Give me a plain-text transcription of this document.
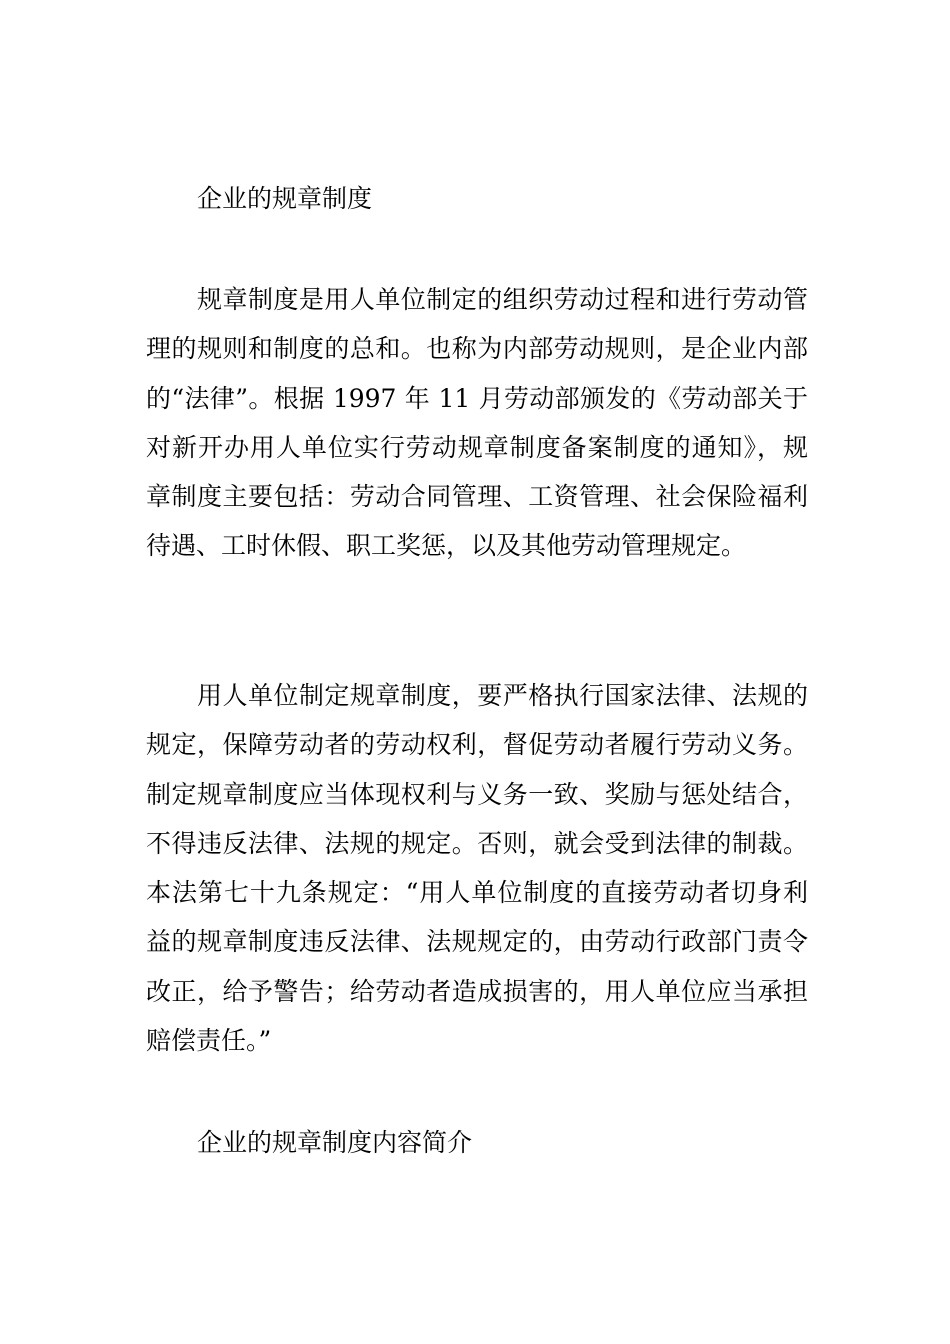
企业的规章制度

规章制度是用人单位制定的组织劳动过程和进行劳动管理的规则和制度的总和。也称为内部劳动规则，是企业内部的“法律”。根据 1997 年 11 月劳动部颁发的《劳动部关于对新开办用人单位实行劳动规章制度备案制度的通知》，规章制度主要包括：劳动合同管理、工资管理、社会保险福利待遇、工时休假、职工奖惩，以及其他劳动管理规定。

用人单位制定规章制度，要严格执行国家法律、法规的规定，保障劳动者的劳动权利，督促劳动者履行劳动义务。制定规章制度应当体现权利与义务一致、奖励与惩处结合，不得违反法律、法规的规定。否则，就会受到法律的制裁。本法第七十九条规定：“用人单位制度的直接劳动者切身利益的规章制度违反法律、法规规定的，由劳动行政部门责令改正，给予警告；给劳动者造成损害的，用人单位应当承担赔偿责任。”

企业的规章制度内容简介
